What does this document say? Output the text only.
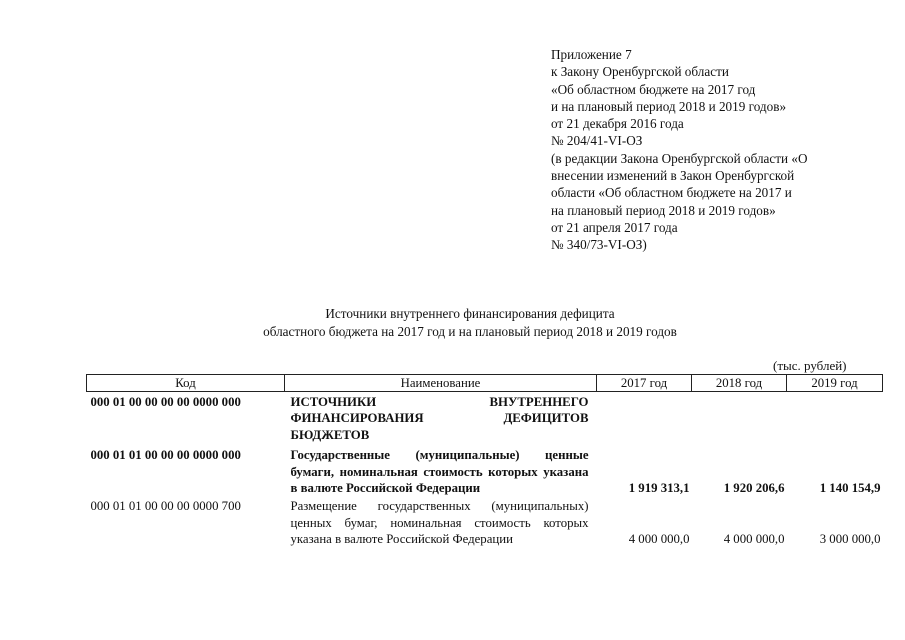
Приложение 7
к Закону Оренбургской области
«Об областном бюджете на 2017 год
и на плановый период 2018 и 2019 годов»
от 21 декабря 2016 года
№ 204/41-VI-ОЗ
(в редакции Закона Оренбургской области «О
внесении изменений в Закон Оренбургской
области «Об областном бюджете на 2017 и
на плановый период 2018 и 2019 годов»
от 21 апреля 2017 года
№ 340/73-VI-ОЗ)
Источники внутреннего финансирования дефицита
областного бюджета на 2017 год и на плановый период 2018 и 2019 годов
(тыс. рублей)
Код	Наименование	2017 год	2018 год	2019 год
000 01 00 00 00 00 0000 000	ИСТОЧНИКИ ВНУТРЕННЕГО ФИНАНСИРОВАНИЯ ДЕФИЦИТОВ БЮДЖЕТОВ			
000 01 01 00 00 00 0000 000	Государственные (муниципальные) ценные бумаги, номинальная стоимость которых указана в валюте Российской Федерации	1 919 313,1	1 920 206,6	1 140 154,9
000 01 01 00 00 00 0000 700	Размещение государственных (муниципальных) ценных бумаг, номинальная стоимость которых указана в валюте Российской Федерации	4 000 000,0	4 000 000,0	3 000 000,0
